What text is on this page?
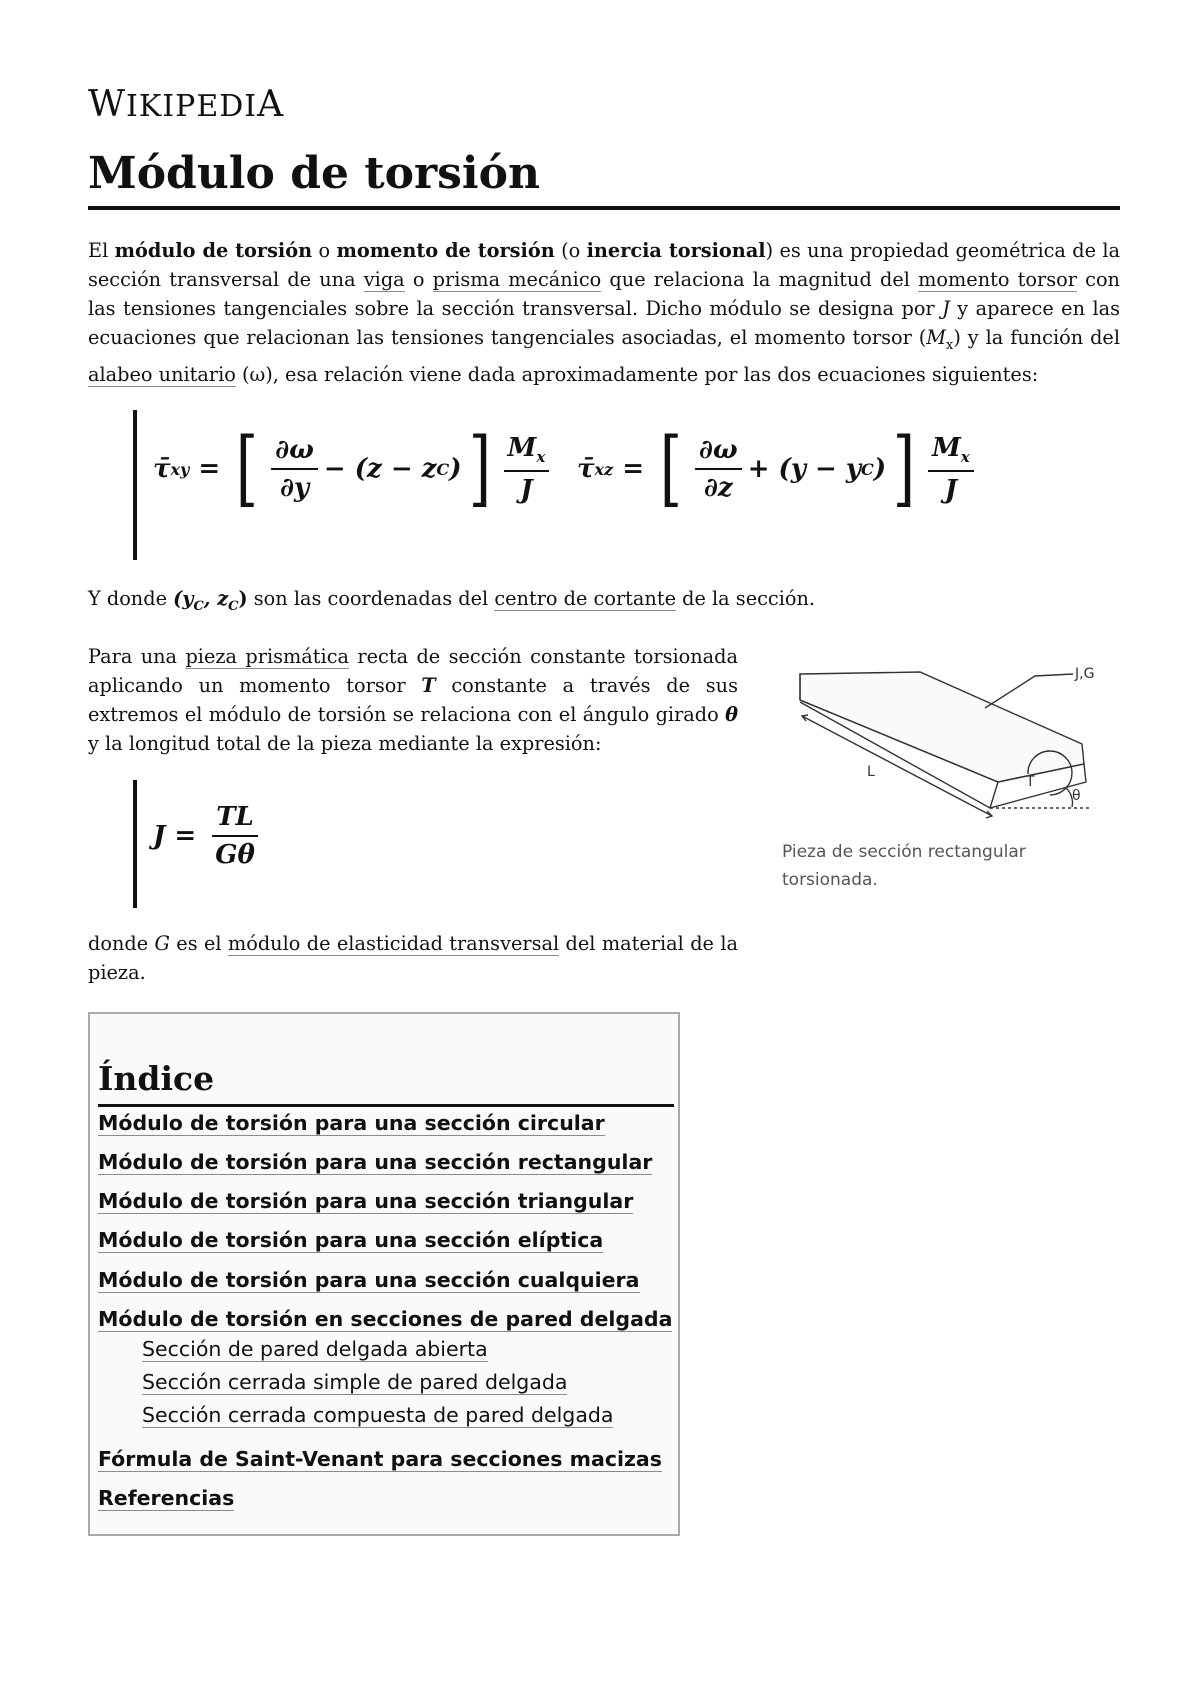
WIKIPEDIA
Módulo de torsión

El módulo de torsión o momento de torsión (o inercia torsional) es una propiedad geométrica de la sección transversal de una viga o prisma mecánico que relaciona la magnitud del momento torsor con las tensiones tangenciales sobre la sección transversal. Dicho módulo se designa por J y aparece en las ecuaciones que relacionan las tensiones tangenciales asociadas, el momento torsor $(M_x)$ y la función del alabeo unitario (ω), esa relación viene dada aproximadamente por las dos ecuaciones siguientes:

τ̄ xy
=
[ $\frac{\partial\omega}{\partial y} - (z - z$ C ) ] $\frac{M_x}{J}$ τ̄ xz
=
[ $\frac{\partial\omega}{\partial z} + (y - y$ C ) ] $\frac{M_x}{J}$

Y donde ($y_C$, $z_C$) son las coordenadas del centro de cortante de la sección.

Para una pieza prismática recta de sección constante torsionada aplicando un momento torsor T constante a través de sus extremos el módulo de torsión se relaciona con el ángulo girado θ y la longitud total de la pieza mediante la expresión:

J
=
$\frac{TL}{G\theta}$

donde G es el módulo de elasticidad transversal del material de la pieza.

J,G
L
T
θ
Pieza de sección rectangular torsionada.
Índice
Módulo de torsión para una sección circular
Módulo de torsión para una sección rectangular
Módulo de torsión para una sección triangular
Módulo de torsión para una sección elíptica
Módulo de torsión para una sección cualquiera
Módulo de torsión en secciones de pared delgada
Sección de pared delgada abierta
Sección cerrada simple de pared delgada
Sección cerrada compuesta de pared delgada
Fórmula de Saint-Venant para secciones macizas
Referencias
